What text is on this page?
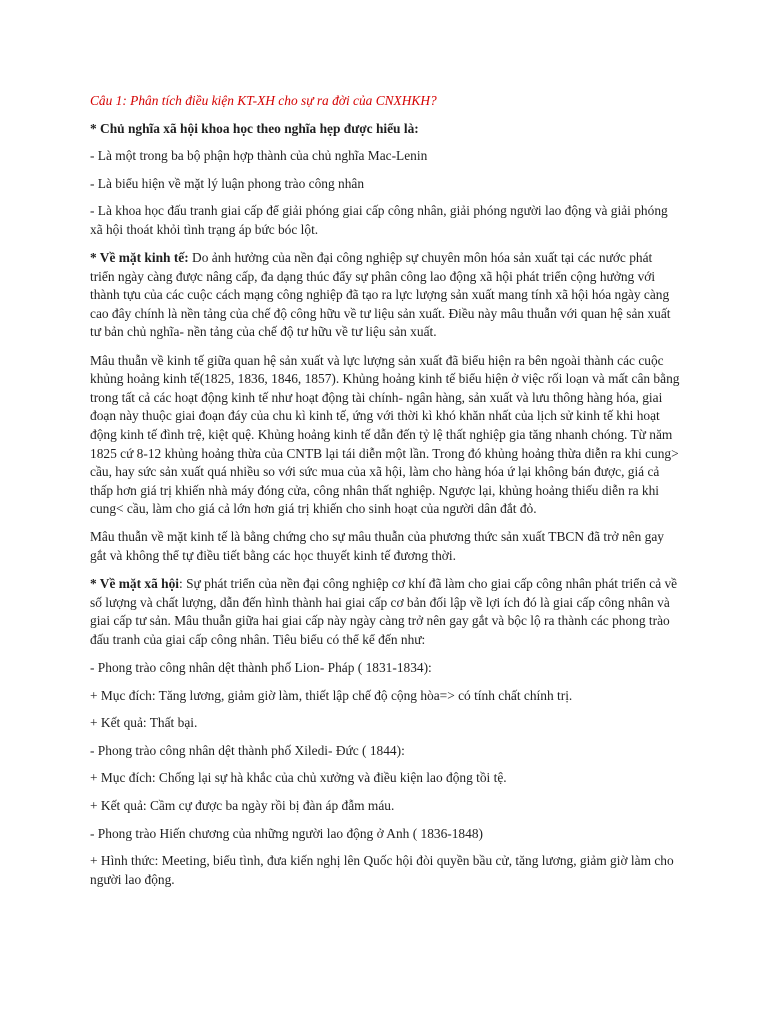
Câu 1: Phân tích điều kiện KT-XH cho sự ra đời của CNXHKH?

* Chủ nghĩa xã hội khoa học theo nghĩa hẹp được hiểu là:

- Là một trong ba bộ phận hợp thành của chủ nghĩa Mac-Lenin

- Là biểu hiện về mặt lý luận phong trào công nhân

- Là khoa học đấu tranh giai cấp để giải phóng giai cấp công nhân, giải phóng người lao động và giải phóng xã hội thoát khỏi tình trạng áp bức bóc lột.

* Về mặt kinh tế: Do ảnh hưởng của nền đại công nghiệp sự chuyên môn hóa sản xuất tại các nước phát triển ngày càng được nâng cấp, đa dạng thúc đẩy sự phân công lao động xã hội phát triển cộng hưởng với thành tựu của các cuộc cách mạng công nghiệp đã tạo ra lực lượng sản xuất mang tính xã hội hóa ngày càng cao đây chính là nền tảng của chế độ công hữu về tư liệu sản xuất. Điều này mâu thuẫn với quan hệ sản xuất tư bản chủ nghĩa- nền tảng của chế độ tư hữu về tư liệu sản xuất.

Mâu thuẫn về kinh tế giữa quan hệ sản xuất và lực lượng sản xuất đã biểu hiện ra bên ngoài thành các cuộc khủng hoảng kinh tế(1825, 1836, 1846, 1857). Khủng hoảng kinh tế biểu hiện ở việc rối loạn và mất cân bằng trong tất cả các hoạt động kinh tế như hoạt động tài chính- ngân hàng, sản xuất và lưu thông hàng hóa, giai đoạn này thuộc giai đoạn đáy của chu kì kinh tế, ứng với thời kì khó khăn nhất của lịch sử kinh tế khi hoạt động kinh tế đình trệ, kiệt quệ. Khủng hoảng kinh tế dẫn đến tỷ lệ thất nghiệp gia tăng nhanh chóng. Từ năm 1825 cứ 8-12 khủng hoảng thừa của CNTB lại tái diễn một lần. Trong đó khủng hoảng thừa diễn ra khi cung> cầu, hay sức sản xuất quá nhiều so với sức mua của xã hội, làm cho hàng hóa ứ lại không bán được, giá cả thấp hơn giá trị khiến nhà máy đóng cửa, công nhân thất nghiệp. Ngược lại, khủng hoảng thiếu diễn ra khi cung< cầu, làm cho giá cả lớn hơn giá trị khiến cho sinh hoạt của người dân đắt đỏ.

Mâu thuẫn về mặt kinh tế là bằng chứng cho sự mâu thuẫn của phương thức sản xuất TBCN đã trở nên gay gắt và không thể tự điều tiết bằng các học thuyết kinh tế đương thời.

* Về mặt xã hội: Sự phát triển của nền đại công nghiệp cơ khí đã làm cho giai cấp công nhân phát triển cả về số lượng và chất lượng, dẫn đến hình thành hai giai cấp cơ bản đối lập về lợi ích đó là giai cấp công nhân và giai cấp tư sản. Mâu thuẫn giữa hai giai cấp này ngày càng trở nên gay gắt và bộc lộ ra thành các phong trào đấu tranh của giai cấp công nhân. Tiêu biểu có thể kể đến như:

- Phong trào công nhân dệt thành phố Lion- Pháp ( 1831-1834):

+ Mục đích: Tăng lương, giảm giờ làm, thiết lập chế độ cộng hòa=> có tính chất chính trị.

+ Kết quả: Thất bại.

- Phong trào công nhân dệt thành phố Xiledi- Đức ( 1844):

+ Mục đích: Chống lại sự hà khắc của chủ xưởng và điều kiện lao động tồi tệ.

+ Kết quả: Cầm cự được ba ngày rồi bị đàn áp đẫm máu.

- Phong trào Hiến chương của những người lao động ở Anh ( 1836-1848)

+ Hình thức: Meeting, biểu tình, đưa kiến nghị lên Quốc hội đòi quyền bầu cử, tăng lương, giảm giờ làm cho người lao động.
